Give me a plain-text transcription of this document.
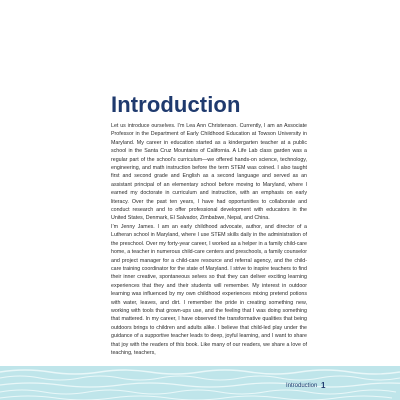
Introduction

Let us introduce ourselves. I’m Lea Ann Christenson. Currently, I am an Associate Professor in the Department of Early Childhood Education at Towson University in Maryland. My career in education started as a kindergarten teacher at a public school in the Santa Cruz Mountains of California. A Life Lab class garden was a regular part of the school’s curriculum—we offered hands-on science, technology, engineering, and math instruction before the term STEM was coined. I also taught first and second grade and English as a second language and served as an assistant principal of an elementary school before moving to Maryland, where I earned my doctorate in curriculum and instruction, with an emphasis on early literacy. Over the past ten years, I have had opportunities to collaborate and conduct research and to offer professional development with educators in the United States, Denmark, El Salvador, Zimbabwe, Nepal, and China.

I’m Jenny James. I am an early childhood advocate, author, and director of a Lutheran school in Maryland, where I use STEM skills daily in the administration of the preschool. Over my forty-year career, I worked as a helper in a family child-care home, a teacher in numerous child-care centers and preschools, a family counselor and project manager for a child-care resource and referral agency, and the child-care training coordinator for the state of Maryland. I strive to inspire teachers to find their inner creative, spontaneous selves so that they can deliver exciting learning experiences that they and their students will remember. My interest in outdoor learning was influenced by my own childhood experiences mixing pretend potions with water, leaves, and dirt. I remember the pride in creating something new, working with tools that grown-ups use, and the feeling that I was doing something that mattered. In my career, I have observed the transformative qualities that being outdoors brings to children and adults alike. I believe that child-led play under the guidance of a supportive teacher leads to deep, joyful learning, and I want to share that joy with the readers of this book. Like many of our readers, we share a love of teaching, teachers,

Introduction 1
